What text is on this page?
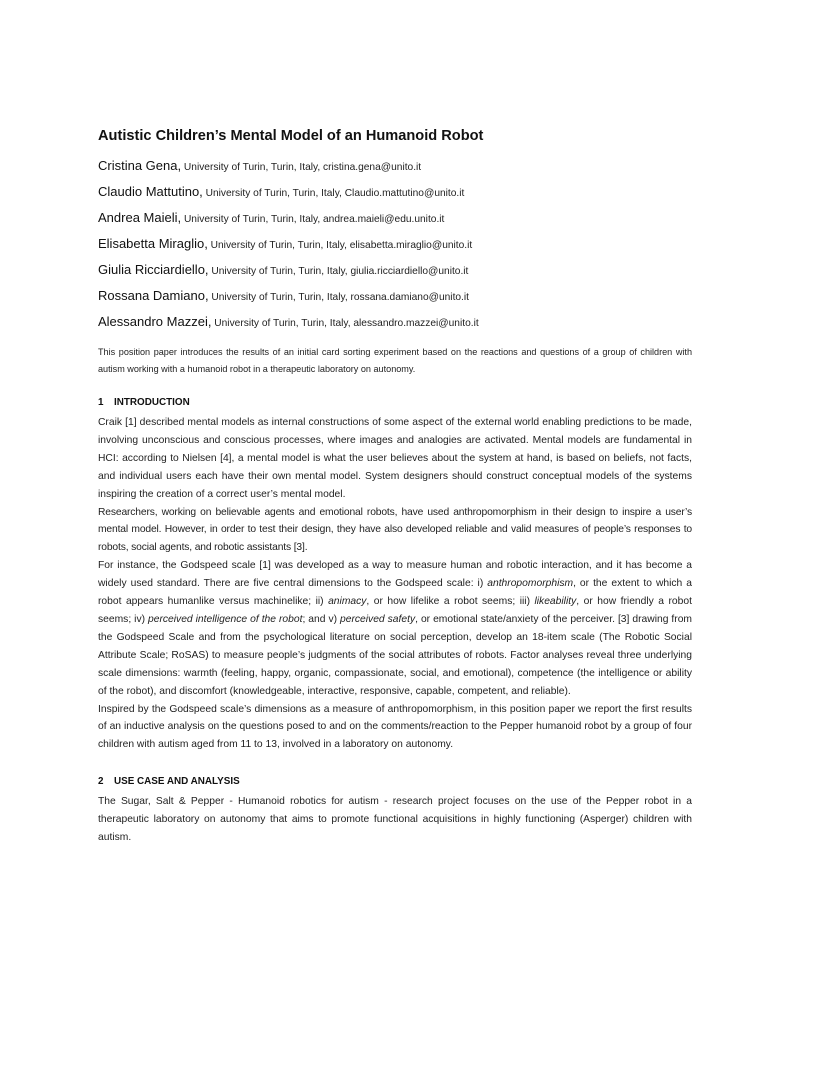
Autistic Children’s Mental Model of an Humanoid Robot

Cristina Gena, University of Turin, Turin, Italy, cristina.gena@unito.it

Claudio Mattutino, University of Turin, Turin, Italy, Claudio.mattutino@unito.it

Andrea Maieli, University of Turin, Turin, Italy, andrea.maieli@edu.unito.it

Elisabetta Miraglio, University of Turin, Turin, Italy, elisabetta.miraglio@unito.it

Giulia Ricciardiello, University of Turin, Turin, Italy, giulia.ricciardiello@unito.it

Rossana Damiano, University of Turin, Turin, Italy, rossana.damiano@unito.it

Alessandro Mazzei, University of Turin, Turin, Italy, alessandro.mazzei@unito.it

This position paper introduces the results of an initial card sorting experiment based on the reactions and questions of a group of children with autism working with a humanoid robot in a therapeutic laboratory on autonomy.

1 INTRODUCTION

Craik [1] described mental models as internal constructions of some aspect of the external world enabling predictions to be made, involving unconscious and conscious processes, where images and analogies are activated. Mental models are fundamental in HCI: according to Nielsen [4], a mental model is what the user believes about the system at hand, is based on beliefs, not facts, and individual users each have their own mental model. System designers should construct conceptual models of the systems inspiring the creation of a correct user’s mental model.

Researchers, working on believable agents and emotional robots, have used anthropomorphism in their design to inspire a user’s mental model. However, in order to test their design, they have also developed reliable and valid measures of people’s responses to robots, social agents, and robotic assistants [3].

For instance, the Godspeed scale [1] was developed as a way to measure human and robotic interaction, and it has become a widely used standard. There are five central dimensions to the Godspeed scale: i) anthropomorphism, or the extent to which a robot appears humanlike versus machinelike; ii) animacy, or how lifelike a robot seems; iii) likeability, or how friendly a robot seems; iv) perceived intelligence of the robot; and v) perceived safety, or emotional state/anxiety of the perceiver. [3] drawing from the Godspeed Scale and from the psychological literature on social perception, develop an 18-item scale (The Robotic Social Attribute Scale; RoSAS) to measure people’s judgments of the social attributes of robots. Factor analyses reveal three underlying scale dimensions: warmth (feeling, happy, organic, compassionate, social, and emotional), competence (the intelligence or ability of the robot), and discomfort (knowledgeable, interactive, responsive, capable, competent, and reliable).

Inspired by the Godspeed scale’s dimensions as a measure of anthropomorphism, in this position paper we report the first results of an inductive analysis on the questions posed to and on the comments/reaction to the Pepper humanoid robot by a group of four children with autism aged from 11 to 13, involved in a laboratory on autonomy.

2 USE CASE AND ANALYSIS

The Sugar, Salt & Pepper - Humanoid robotics for autism - research project focuses on the use of the Pepper robot in a therapeutic laboratory on autonomy that aims to promote functional acquisitions in highly functioning (Asperger) children with autism.
